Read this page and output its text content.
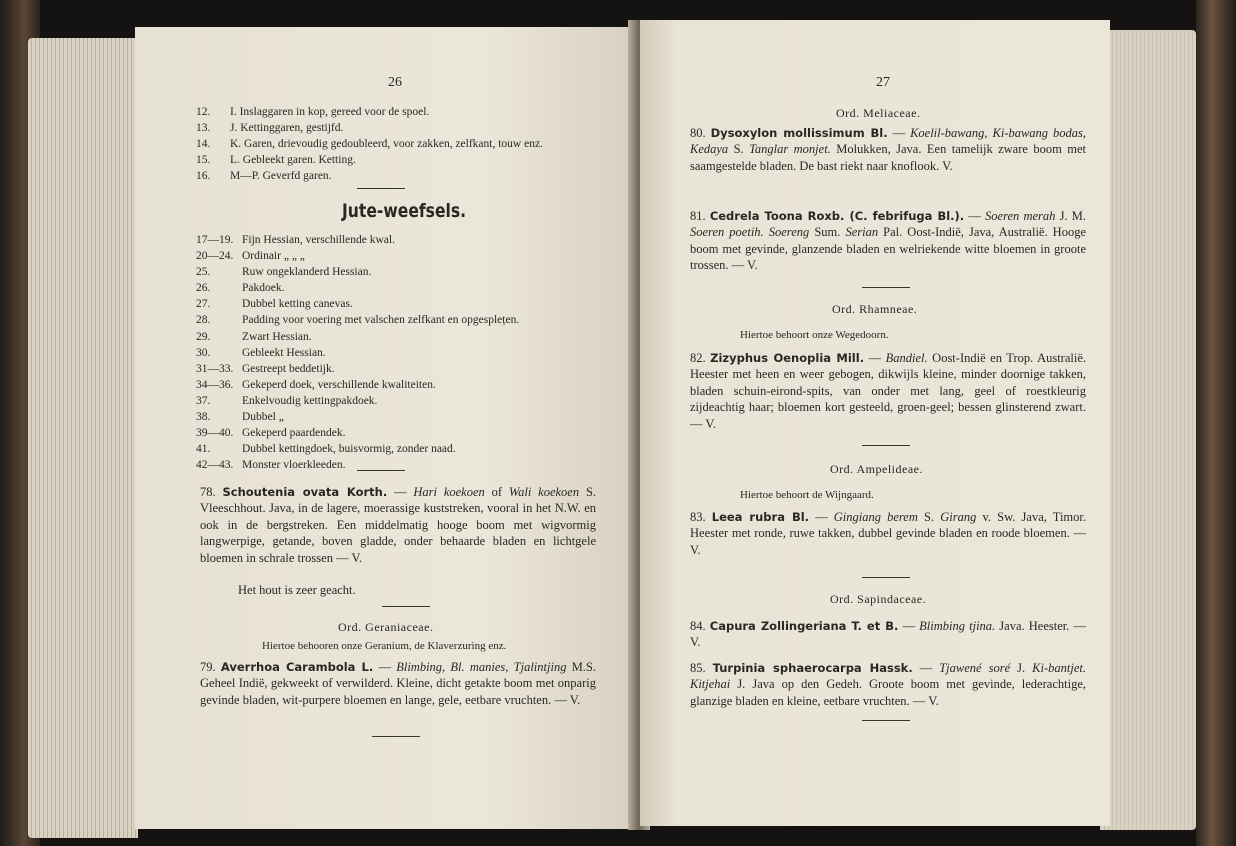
26
12. I. Inslaggaren in kop, gereed voor de spoel.
13. J. Kettinggaren, gestijfd.
14. K. Garen, drievoudig gedoubleerd, voor zakken, zelfkant, touw enz.
15. L. Gebleekt garen. Ketting.
16. M—P. Geverfd garen.
Jute-weefsels.
17—19. Fijn Hessian, verschillende kwal.
20—24. Ordinair „ „ „
25.	Ruw ongeklanderd Hessian.
26.	Pakdoek.
27.	Dubbel ketting canevas.
28.	Padding voor voering met valschen zelfkant en opgesplețen.
29.	Zwart Hessian.
30.	Gebleekt Hessian.
31—33. Gestreept beddetijk.
34—36. Gekeperd doek, verschillende kwaliteiten.
37.	Enkelvoudig kettingpakdoek.
38.	Dubbel „
39—40. Gekeperd paardendek.
41.	Dubbel kettingdoek, buisvormig, zonder naad.
42—43. Monster vloerkleeden.
78. Schoutenia ovata Korth. — Hari koekoen of Wali koekoen S. Vleeschhout. Java, in de lagere, moerassige kuststreken, vooral in het N.W. en ook in de bergstreken. Een middelmatig hooge boom met wigvormig langwerpige, getande, boven gladde, onder behaarde bladen en lichtgele bloemen in schrale trossen — V.
Het hout is zeer geacht.
Ord. Geraniaceae.
Hiertoe behooren onze Geranium, de Klaverzuring enz.
79. Averrhoa Carambola L. — Blimbing, Bl. manies, Tjalintjing M.S. Geheel Indië, gekweekt of verwilderd. Kleine, dicht getakte boom met onparig gevinde bladen, wit-purpere bloemen en lange, gele, eetbare vruchten. — V.
27
Ord. Meliaceae.
80. Dysoxylon mollissimum Bl. — Koelil-bawang, Ki-bawang bodas, Kedaya S. Tanglar monjet. Molukken, Java. Een tamelijk zware boom met saamgestelde bladen. De bast riekt naar knoflook. V.
81. Cedrela Toona Roxb. (C. febrifuga Bl.). — Soeren merah J. M. Soeren poetih. Soereng Sum. Serian Pal. Oost-Indië, Java, Australië. Hooge boom met gevinde, glanzende bladen en welriekende witte bloemen in groote trossen. — V.
Ord. Rhamneae.
Hiertoe behoort onze Wegedoorn.
82. Zizyphus Oenoplia Mill. — Bandiel. Oost-Indië en Trop. Australië. Heester met heen en weer gebogen, dikwijls kleine, minder doornige takken, bladen schuin-eirond-spits, van onder met lang, geel of roestkleurig zijdeachtig haar; bloemen kort gesteeld, groen-geel; bessen glinsterend zwart. — V.
Ord. Ampelideae.
Hiertoe behoort de Wijngaard.
83. Leea rubra Bl. — Gingiang berem S. Girang v. Sw. Java, Timor. Heester met ronde, ruwe takken, dubbel gevinde bladen en roode bloemen. — V.
Ord. Sapindaceae.
84. Capura Zollingeriana T. et B. — Blimbing tjina. Java. Heester. — V.
85. Turpinia sphaerocarpa Hassk. — Tjawené soré J. Ki-bantjet. Kitjehai J. Java op den Gedeh. Groote boom met gevinde, lederachtige, glanzige bladen en kleine, eetbare vruchten. — V.
